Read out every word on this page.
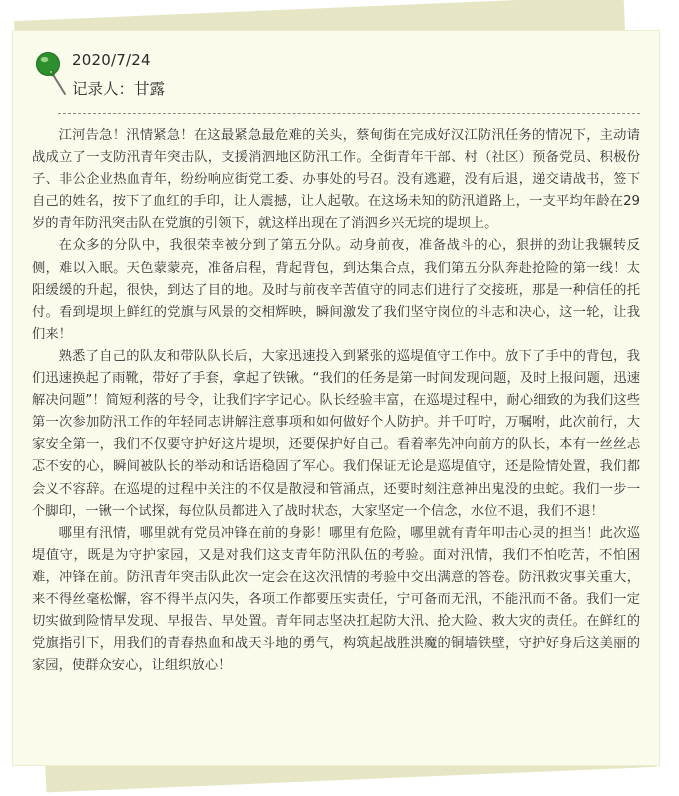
2020/7/24
记录人：甘露

江河告急！汛情紧急！在这最紧急最危难的关头，蔡甸街在完成好汉江防汛任务的情况下，主动请战成立了一支防汛青年突击队，支援消泗地区防汛工作。全街青年干部、村（社区）预备党员、积极份子、非公企业热血青年，纷纷响应街党工委、办事处的号召。没有逃避，没有后退，递交请战书，签下自己的姓名，按下了血红的手印，让人震撼，让人起敬。在这场未知的防汛道路上，一支平均年龄在29岁的青年防汛突击队在党旗的引领下，就这样出现在了消泗乡兴无垸的堤坝上。

在众多的分队中，我很荣幸被分到了第五分队。动身前夜，准备战斗的心，狠拼的劲让我辗转反侧，难以入眠。天色蒙蒙亮，准备启程，背起背包，到达集合点，我们第五分队奔赴抢险的第一线！太阳缓缓的升起，很快，到达了目的地。及时与前夜辛苦值守的同志们进行了交接班，那是一种信任的托付。看到堤坝上鲜红的党旗与风景的交相辉映，瞬间激发了我们坚守岗位的斗志和决心，这一轮，让我们来！

熟悉了自己的队友和带队队长后，大家迅速投入到紧张的巡堤值守工作中。放下了手中的背包，我们迅速换起了雨靴，带好了手套，拿起了铁锹。“我们的任务是第一时间发现问题，及时上报问题，迅速解决问题”！简短利落的号令，让我们字字记心。队长经验丰富，在巡堤过程中，耐心细致的为我们这些第一次参加防汛工作的年轻同志讲解注意事项和如何做好个人防护。并千叮咛，万嘱咐，此次前行，大家安全第一，我们不仅要守护好这片堤坝，还要保护好自己。看着率先冲向前方的队长，本有一丝丝忐忑不安的心，瞬间被队长的举动和话语稳固了军心。我们保证无论是巡堤值守，还是险情处置，我们都会义不容辞。在巡堤的过程中关注的不仅是散浸和管涌点，还要时刻注意神出鬼没的虫蛇。我们一步一个脚印，一锹一个试探，每位队员都进入了战时状态，大家坚定一个信念，水位不退，我们不退！

哪里有汛情，哪里就有党员冲锋在前的身影！哪里有危险，哪里就有青年叩击心灵的担当！此次巡堤值守，既是为守护家园，又是对我们这支青年防汛队伍的考验。面对汛情，我们不怕吃苦，不怕困难，冲锋在前。防汛青年突击队此次一定会在这次汛情的考验中交出满意的答卷。防汛救灾事关重大，来不得丝毫松懈，容不得半点闪失，各项工作都要压实责任，宁可备而无汛，不能汛而不备。我们一定切实做到险情早发现、早报告、早处置。青年同志坚决扛起防大汛、抢大险、救大灾的责任。在鲜红的党旗指引下，用我们的青春热血和战天斗地的勇气，构筑起战胜洪魔的铜墙铁壁，守护好身后这美丽的家园，使群众安心，让组织放心！
